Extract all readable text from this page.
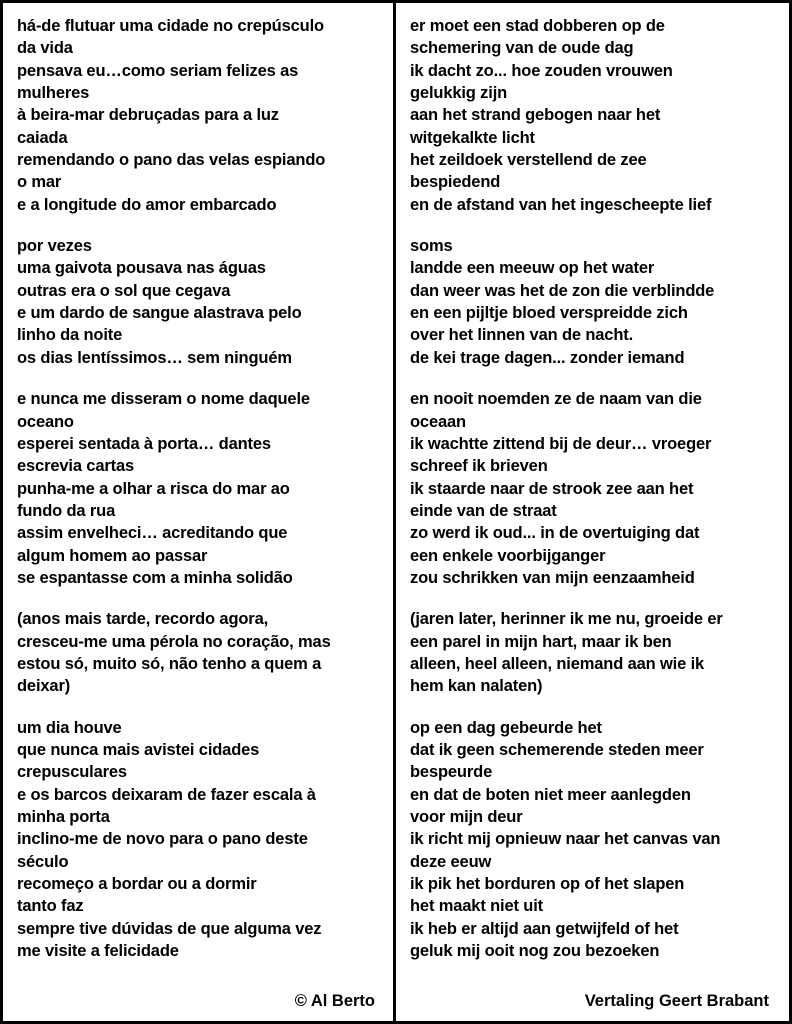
há-de flutuar uma cidade no crepúsculo
da vida
pensava eu…como seriam felizes as
mulheres
à beira-mar debruçadas para a luz
caiada
remendando o pano das velas espiando
o mar
e a longitude do amor embarcado
por vezes
uma gaivota pousava nas águas
outras era o sol que cegava
e um dardo de sangue alastrava pelo
linho da noite
os dias lentíssimos… sem ninguém
e nunca me disseram o nome daquele
oceano
esperei sentada à porta… dantes
escrevia cartas
punha-me a olhar a risca do mar ao
fundo da rua
assim envelheci… acreditando que
algum homem ao passar
se espantasse com a minha solidão
(anos mais tarde, recordo agora,
cresceu-me uma pérola no coração, mas
estou só, muito só, não tenho a quem a
deixar)
um dia houve
que nunca mais avistei cidades
crepusculares
e os barcos deixaram de fazer escala à
minha porta
inclino-me de novo para o pano deste
século
recomeço a bordar ou a dormir
tanto faz
sempre tive dúvidas de que alguma vez
me visite a felicidade
© Al Berto
er moet een stad dobberen op de
schemering van de oude dag
ik dacht zo... hoe zouden vrouwen
gelukkig zijn
aan het strand gebogen naar het
witgekalkte licht
het zeildoek verstellend de zee
bespiedend
en de afstand van het ingescheepte lief
soms
landde een meeuw op het water
dan weer was het de zon die verblindde
en een pijltje bloed verspreidde zich
over het linnen van de nacht.
de kei trage dagen... zonder iemand
en nooit noemden ze de naam van die
oceaan
ik wachtte zittend bij de deur… vroeger
schreef ik brieven
ik staarde naar de strook zee aan het
einde van de straat
zo werd ik oud... in de overtuiging dat
een enkele voorbijganger
zou schrikken van mijn eenzaamheid
(jaren later, herinner ik me nu, groeide er
een parel in mijn hart, maar ik ben
alleen, heel alleen, niemand aan wie ik
hem kan nalaten)
op een dag gebeurde het
dat ik geen schemerende steden meer
bespeurde
en dat de boten niet meer aanlegden
voor mijn deur
ik richt mij opnieuw naar het canvas van
deze eeuw
ik pik het borduren op of het slapen
het maakt niet uit
ik heb er altijd aan getwijfeld of het
geluk mij ooit nog zou bezoeken
Vertaling Geert Brabant
